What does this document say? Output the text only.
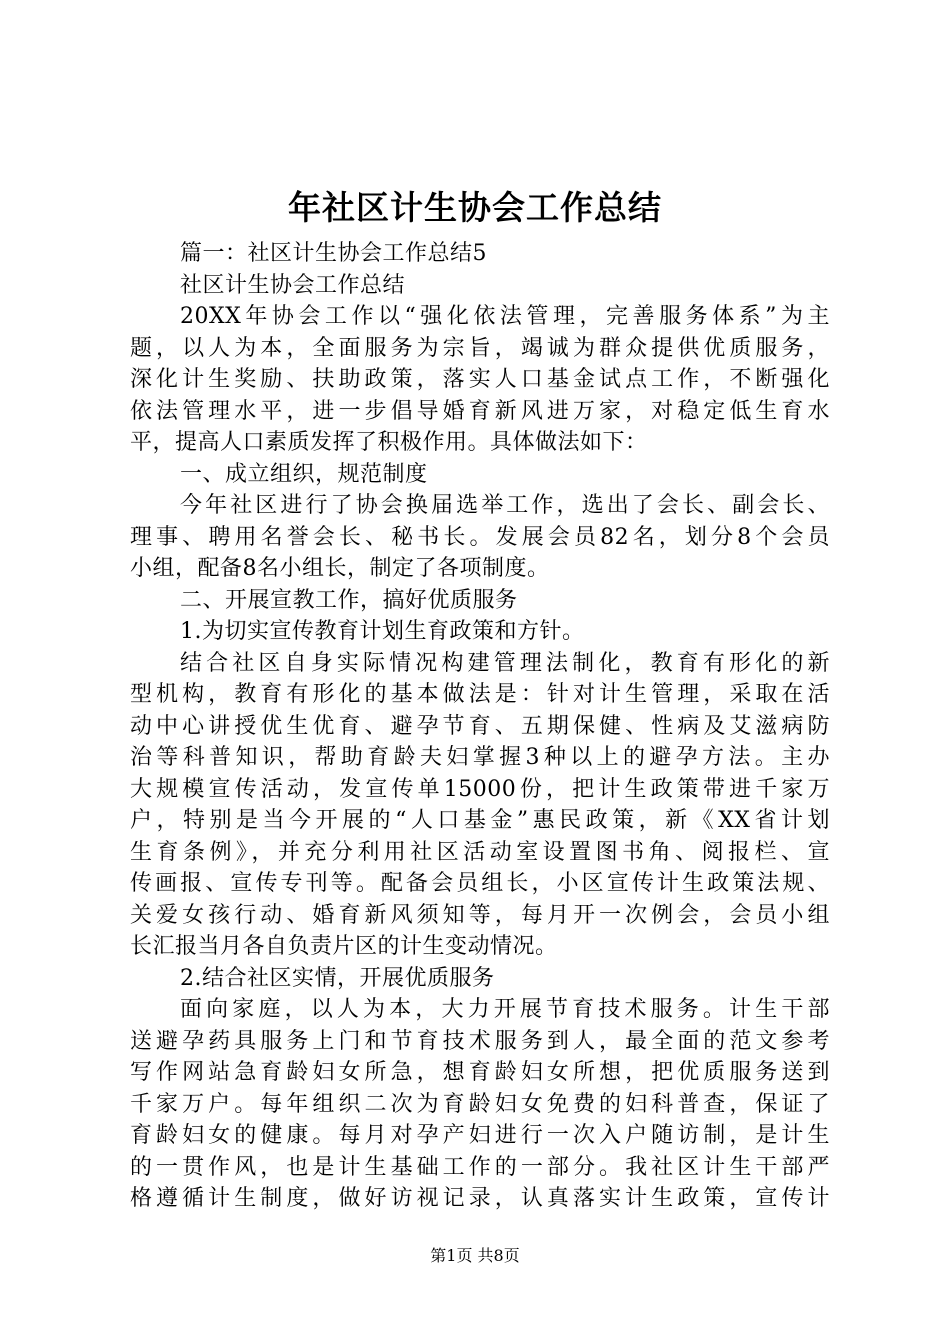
年社区计生协会工作总结
篇一：社区计生协会工作总结5
社区计生协会工作总结
20XX年协会工作以“强化依法管理，完善服务体系”为主
题，以人为本，全面服务为宗旨，竭诚为群众提供优质服务，
深化计生奖励、扶助政策，落实人口基金试点工作，不断强化
依法管理水平，进一步倡导婚育新风进万家，对稳定低生育水
平，提高人口素质发挥了积极作用。具体做法如下：
一、成立组织，规范制度
今年社区进行了协会换届选举工作，选出了会长、副会长、
理事、聘用名誉会长、秘书长。发展会员82名，划分8个会员
小组，配备8名小组长，制定了各项制度。
二、开展宣教工作，搞好优质服务
1.为切实宣传教育计划生育政策和方针。
结合社区自身实际情况构建管理法制化，教育有形化的新
型机构，教育有形化的基本做法是：针对计生管理，采取在活
动中心讲授优生优育、避孕节育、五期保健、性病及艾滋病防
治等科普知识，帮助育龄夫妇掌握3种以上的避孕方法。主办
大规模宣传活动，发宣传单15000份，把计生政策带进千家万
户，特别是当今开展的“人口基金”惠民政策，新《XX省计划
生育条例》，并充分利用社区活动室设置图书角、阅报栏、宣
传画报、宣传专刊等。配备会员组长，小区宣传计生政策法规、
关爱女孩行动、婚育新风须知等，每月开一次例会，会员小组
长汇报当月各自负责片区的计生变动情况。
2.结合社区实情，开展优质服务
面向家庭，以人为本，大力开展节育技术服务。计生干部
送避孕药具服务上门和节育技术服务到人，最全面的范文参考
写作网站急育龄妇女所急，想育龄妇女所想，把优质服务送到
千家万户。每年组织二次为育龄妇女免费的妇科普查，保证了
育龄妇女的健康。每月对孕产妇进行一次入户随访制，是计生
的一贯作风，也是计生基础工作的一部分。我社区计生干部严
格遵循计生制度，做好访视记录，认真落实计生政策，宣传计
第1页 共8页
